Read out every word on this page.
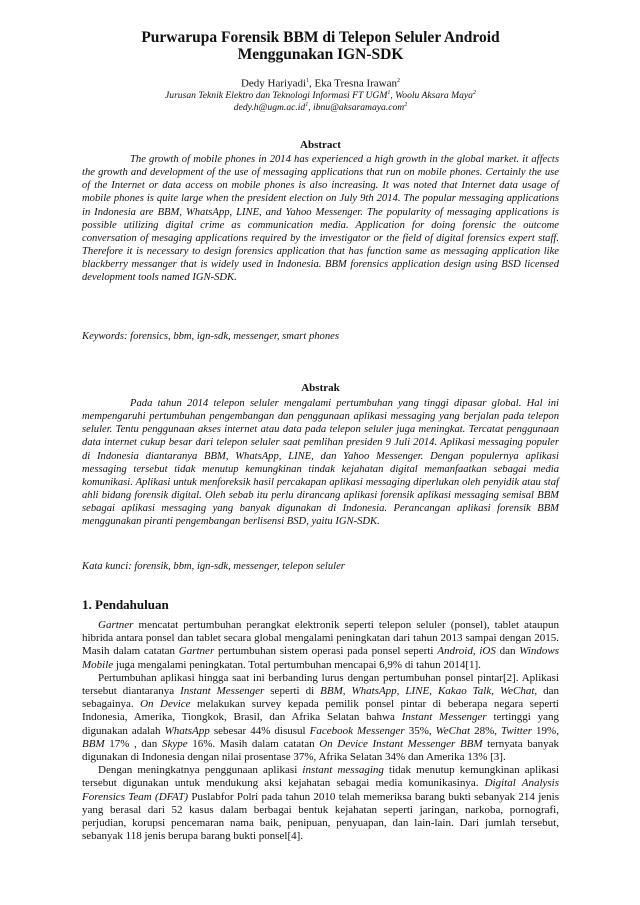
Purwarupa Forensik BBM di Telepon Seluler Android
Menggunakan IGN-SDK
Dedy Hariyadi$^1$, Eka Tresna Irawan$^2$
Jurusan Teknik Elektro dan Teknologi Informasi FT UGM$^1$, Woolu Aksara Maya$^2$
$dedy.h@ugm.ac.id^1$, ibnu@aksaramaya.com$^2$
Abstract
The growth of mobile phones in 2014 has experienced a high growth in the global market. it affects the growth and development of the use of messaging applications that run on mobile phones. Certainly the use of the Internet or data access on mobile phones is also increasing. It was noted that Internet data usage of mobile phones is quite large when the president election on July 9th 2014. The popular messaging applications in Indonesia are BBM, WhatsApp, LINE, and Yahoo Messenger. The popularity of messaging applications is possible utilizing digital crime as communication media. Application for doing forensic the outcome conversation of mesaging applications required by the investigator or the field of digital forensics expert staff. Therefore it is necessary to design forensics application that has function same as messaging application like blackberry messanger that is widely used in Indonesia. BBM forensics application design using BSD licensed development tools named IGN-SDK.
Keywords: forensics, bbm, ign-sdk, messenger, smart phones
Abstrak
Pada tahun 2014 telepon seluler mengalami pertumbuhan yang tinggi dipasar global. Hal ini mempengaruhi pertumbuhan pengembangan dan penggunaan aplikasi messaging yang berjalan pada telepon seluler. Tentu penggunaan akses internet atau data pada telepon seluler juga meningkat. Tercatat penggunaan data internet cukup besar dari telepon seluler saat pemlihan presiden 9 Juli 2014. Aplikasi messaging populer di Indonesia diantaranya BBM, WhatsApp, LINE, dan Yahoo Messenger. Dengan populernya aplikasi messaging tersebut tidak menutup kemungkinan tindak kejahatan digital memanfaatkan sebagai media komunikasi. Aplikasi untuk menforeksik hasil percakapan aplikasi messaging diperlukan oleh penyidik atau staf ahli bidang forensik digital. Oleh sebab itu perlu dirancang aplikasi forensik aplikasi messaging semisal BBM sebagai aplikasi messaging yang banyak digunakan di Indonesia. Perancangan aplikasi forensik BBM menggunakan piranti pengembangan berlisensi BSD, yaitu IGN-SDK.
Kata kunci: forensik, bbm, ign-sdk, messenger, telepon seluler
1. Pendahuluan

Gartner mencatat pertumbuhan perangkat elektronik seperti telepon seluler (ponsel), tablet ataupun hibrida antara ponsel dan tablet secara global mengalami peningkatan dari tahun 2013 sampai dengan 2015. Masih dalam catatan Gartner pertumbuhan sistem operasi pada ponsel seperti Android, iOS dan Windows Mobile juga mengalami peningkatan. Total pertumbuhan mencapai 6,9% di tahun 2014[1].

Pertumbuhan aplikasi hingga saat ini berbanding lurus dengan pertumbuhan ponsel pintar[2]. Aplikasi tersebut diantaranya Instant Messenger seperti di BBM, WhatsApp, LINE, Kakao Talk, WeChat, dan sebagainya. On Device melakukan survey kepada pemilik ponsel pintar di beberapa negara seperti Indonesia, Amerika, Tiongkok, Brasil, dan Afrika Selatan bahwa Instant Messenger tertinggi yang digunakan adalah WhatsApp sebesar 44% disusul Facebook Messenger 35%, WeChat 28%, Twitter 19%, BBM 17% , dan Skype 16%. Masih dalam catatan On Device Instant Messenger BBM ternyata banyak digunakan di Indonesia dengan nilai prosentase 37%, Afrika Selatan 34% dan Amerika 13% [3].

Dengan meningkatnya penggunaan aplikasi instant messaging tidak menutup kemungkinan aplikasi tersebut digunakan untuk mendukung aksi kejahatan sebagai media komunikasinya. Digital Analysis Forensics Team (DFAT) Puslabfor Polri pada tahun 2010 telah memeriksa barang bukti sebanyak 214 jenis yang berasal dari 52 kasus dalam berbagai bentuk kejahatan seperti jaringan, narkoba, pornografi, perjudian, korupsi pencemaran nama baik, penipuan, penyuapan, dan lain-lain. Dari jumlah tersebut, sebanyak 118 jenis berupa barang bukti ponsel[4].
